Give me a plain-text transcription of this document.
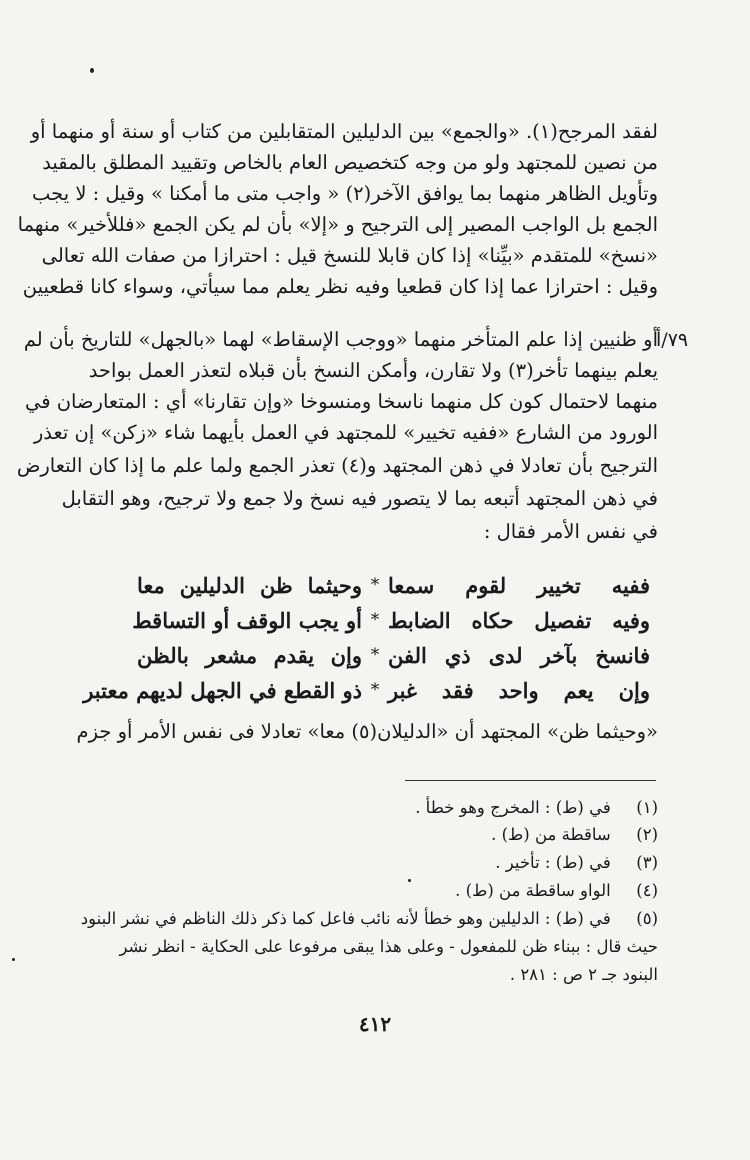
لفقد المرجح(١). «والجمع» بين الدليلين المتقابلين من كتاب أو سنة أو منهما أو
من نصين للمجتهد ولو من وجه كتخصيص العام بالخاص وتقييد المطلق بالمقيد
وتأويل الظاهر منهما بما يوافق الآخر(٢) « واجب متى ما أمكنا » وقيل : لا يجب
الجمع بل الواجب المصير إلى الترجيح و «إلا» بأن لم يكن الجمع «فللأخير» منهما
«نسخ» للمتقدم «بيِّنا» إذا كان قابلا للنسخ قيل : احترازا من صفات الله تعالى
وقيل : احترازا عما إذا كان قطعيا وفيه نظر يعلم مما سيأتي، وسواء كانا قطعيين
أو ظنيين إذا علم المتأخر منهما «ووجب الإسقاط» لهما «بالجهل» للتاريخ بأن لم
يعلم بينهما تأخر(٣) ولا تقارن، وأمكن النسخ بأن قبلاه لتعذر العمل بواحد
منهما لاحتمال كون كل منهما ناسخا ومنسوخا «وإن تقارنا» أي : المتعارضان في
الورود من الشارع «ففيه تخيير» للمجتهد في العمل بأيهما شاء «زكن» إن تعذر
الترجيح بأن تعادلا في ذهن المجتهد و(٤) تعذر الجمع ولما علم ما إذا كان التعارض
في ذهن المجتهد أتبعه بما لا يتصور فيه نسخ ولا جمع ولا ترجيح، وهو التقابل
في نفس الأمر فقال :
٧٩/أ
وحيثما ظن الدليلين معا * ففيه تخيير لقوم سمعا
أو يجب الوقف أو التساقط * وفيه تفصيل حكاه الضابط
وإن يقدم مشعر بالظن * فانسخ بآخر لدى ذي الفن
ذو القطع في الجهل لديهم معتبر * وإن يعم واحد فقد غبر
«وحيثما ظن» المجتهد أن «الدليلان(٥) معا» تعادلا فى نفس الأمر أو جزم
(١) في (ط) : المخرج وهو خطأ .
(٢) ساقطة من (ط) .
(٣) في (ط) : تأخير .
(٤) الواو ساقطة من (ط) .
(٥) في (ط) : الدليلين وهو خطأ لأنه نائب فاعل كما ذكر ذلك الناظم في نشر البنود
حيث قال : ببناء ظن للمفعول - وعلى هذا يبقى مرفوعا على الحكاية - انظر نشر
البنود جـ ٢ ص : ٢٨١ .
٤١٢
